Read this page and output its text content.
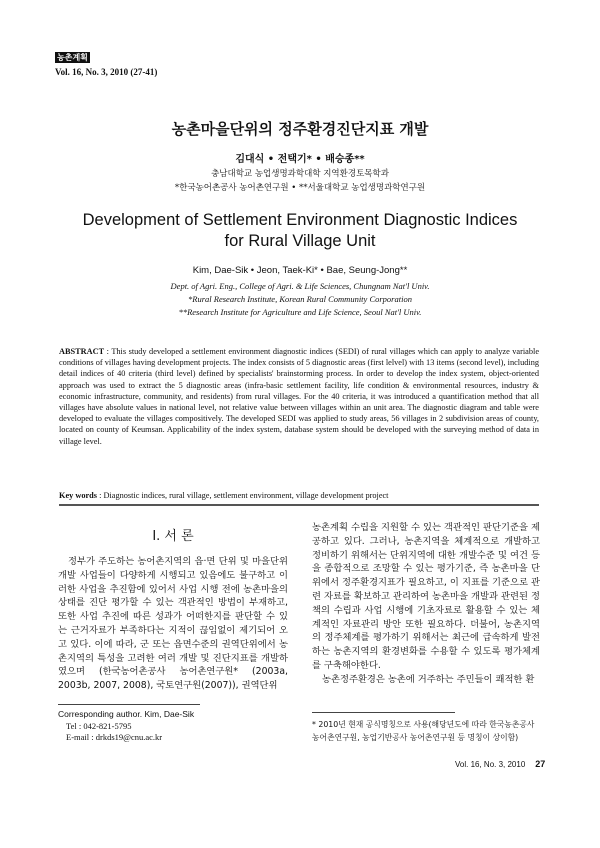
농촌계획
Vol. 16, No. 3, 2010 (27-41)
농촌마을단위의 정주환경진단지표 개발
김대식 • 전택기* • 배승종**
충남대학교 농업생명과학대학 지역환경토목학과
*한국농어촌공사 농어촌연구원 • **서울대학교 농업생명과학연구원
Development of Settlement Environment Diagnostic Indices
for Rural Village Unit
Kim, Dae-Sik • Jeon, Taek-Ki* • Bae, Seung-Jong**
Dept. of Agri. Eng., College of Agri. & Life Sciences, Chungnam Nat'l Univ.
*Rural Research Institute, Korean Rural Community Corporation
**Research Institute for Agriculture and Life Science, Seoul Nat'l Univ.
ABSTRACT : This study developed a settlement environment diagnostic indices (SEDI) of rural villages which can apply to analyze variable conditions of villages having development projects. The index consists of 5 diagnostic areas (first lelvel) with 13 items (second level), including detail indices of 40 criteria (third level) defined by specialists' brainstorming process. In order to develop the index system, object-oriented approach was used to extract the 5 diagnostic areas (infra-basic settlement facility, life condition & environmental resources, industry & economic infrastructure, community, and residents) from rural villages. For the 40 criteria, it was introduced a quantification method that all villages have absolute values in national level, not relative value between villages within an unit area. The diagnostic diagram and table were developed to evaluate the villages compositively. The developed SEDI was applied to study areas, 56 villages in 2 subdivision areas of county, located on county of Keumsan. Applicability of the index system, database system should be developed with the surveying method of data in village level.
Key words : Diagnostic indices, rural village, settlement environment, village development project
I. 서 론
정부가 주도하는 농어촌지역의 읍·면 단위 및 마을단위 개발 사업들이 다양하게 시행되고 있음에도 불구하고 이러한 사업을 추진함에 있어서 사업 시행 전에 농촌마을의 상태를 진단 평가할 수 있는 객관적인 방법이 부재하고, 또한 사업 추진에 따른 성과가 어떠한지를 판단할 수 있는 근거자료가 부족하다는 지적이 끊임없이 제기되어 오고 있다. 이에 따라, 군 또는 읍면수준의 권역단위에서 농촌지역의 특성을 고려한 여러 개발 및 진단지표를 개발하였으며 (한국농어촌공사 농어촌연구원* (2003a, 2003b, 2007, 2008), 국토연구원(2007)), 권역단위
농촌계획 수립을 지원할 수 있는 객관적인 판단기준을 제공하고 있다. 그러나, 농촌지역을 체계적으로 개발하고 정비하기 위해서는 단위지역에 대한 개발수준 및 여건 등을 종합적으로 조망할 수 있는 평가기준, 즉 농촌마을 단위에서 정주환경지표가 필요하고, 이 지표를 기준으로 관련 자료를 확보하고 관리하여 농촌마을 개발과 관련된 정책의 수립과 사업 시행에 기초자료로 활용할 수 있는 체계적인 자료관리 방안 또한 필요하다. 더불어, 농촌지역의 정주체계를 평가하기 위해서는 최근에 급속하게 발전하는 농촌지역의 환경변화를 수용할 수 있도록 평가체계를 구축해야한다.
농촌정주환경은 농촌에 거주하는 주민들이 쾌적한 환
Corresponding author. Kim, Dae-Sik
Tel : 042-821-5795
E-mail : drkds19@cnu.ac.kr
* 2010년 현재 공식명칭으로 사용(해당년도에 따라 한국농촌공사 농어촌연구원, 농업기반공사 농어촌연구원 등 명칭이 상이함)
Vol. 16, No. 3, 2010 27
